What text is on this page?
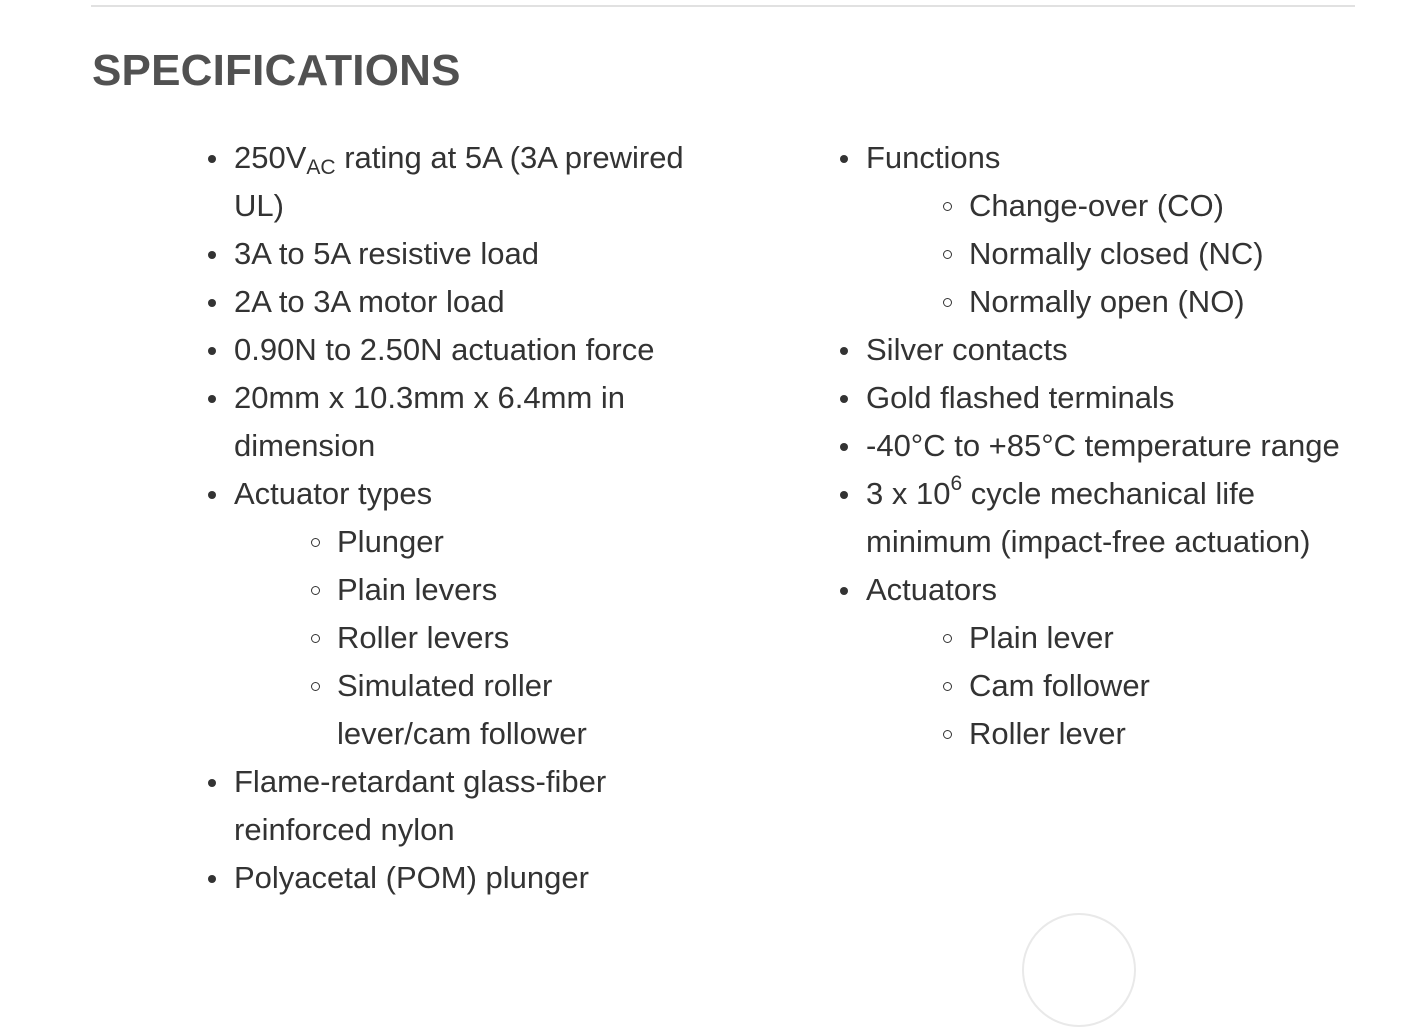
SPECIFICATIONS
$250V_{AC}$ rating at 5A (3A prewired UL)
3A to 5A resistive load
2A to 3A motor load
0.90N to 2.50N actuation force
20mm x 10.3mm x 6.4mm in dimension
Actuator types
Plunger
Plain levers
Roller levers
Simulated roller lever/cam follower
Flame-retardant glass-fiber reinforced nylon
Polyacetal (POM) plunger
Functions
Change-over (CO)
Normally closed (NC)
Normally open (NO)
Silver contacts
Gold flashed terminals
-40°C to +85°C temperature range
3 x $10^6$ cycle mechanical life minimum (impact-free actuation)
Actuators
Plain lever
Cam follower
Roller lever
